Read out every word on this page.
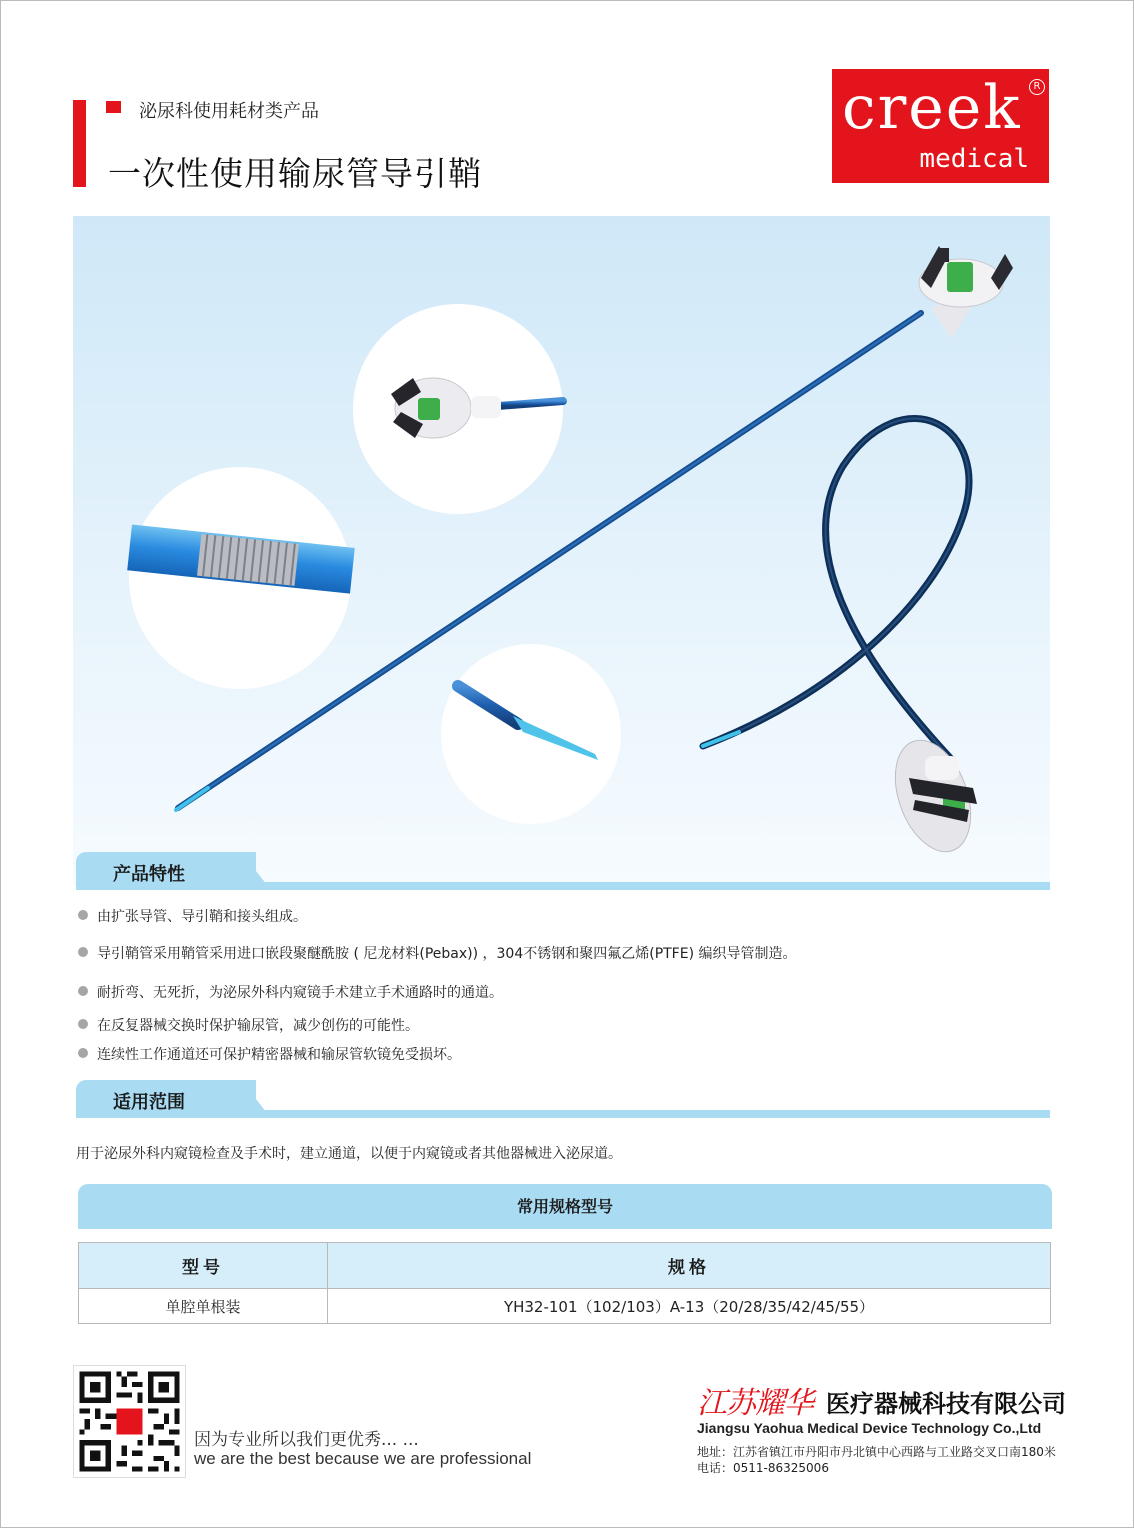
泌尿科使用耗材类产品
一次性使用输尿管导引鞘
creek
medical
R
产品特性
由扩张导管、导引鞘和接头组成。
导引鞘管采用鞘管采用进口嵌段聚醚酰胺 ( 尼龙材料(Pebax)) ，304不锈钢和聚四氟乙烯(PTFE) 编织导管制造。
耐折弯、无死折，为泌尿外科内窥镜手术建立手术通路时的通道。
在反复器械交换时保护输尿管，减少创伤的可能性。
连续性工作通道还可保护精密器械和输尿管软镜免受损坏。
适用范围
用于泌尿外科内窥镜检查及手术时，建立通道，以便于内窥镜或者其他器械进入泌尿道。
常用规格型号
型号	规格
单腔单根装	YH32-101（102/103）A-13（20/28/35/42/45/55）
因为专业所以我们更优秀... ...
we are the best because we are professional
江苏耀华 医疗器械科技有限公司
Jiangsu Yaohua Medical Device Technology Co.,Ltd
地址：江苏省镇江市丹阳市丹北镇中心西路与工业路交叉口南180米
电话：0511-86325006
